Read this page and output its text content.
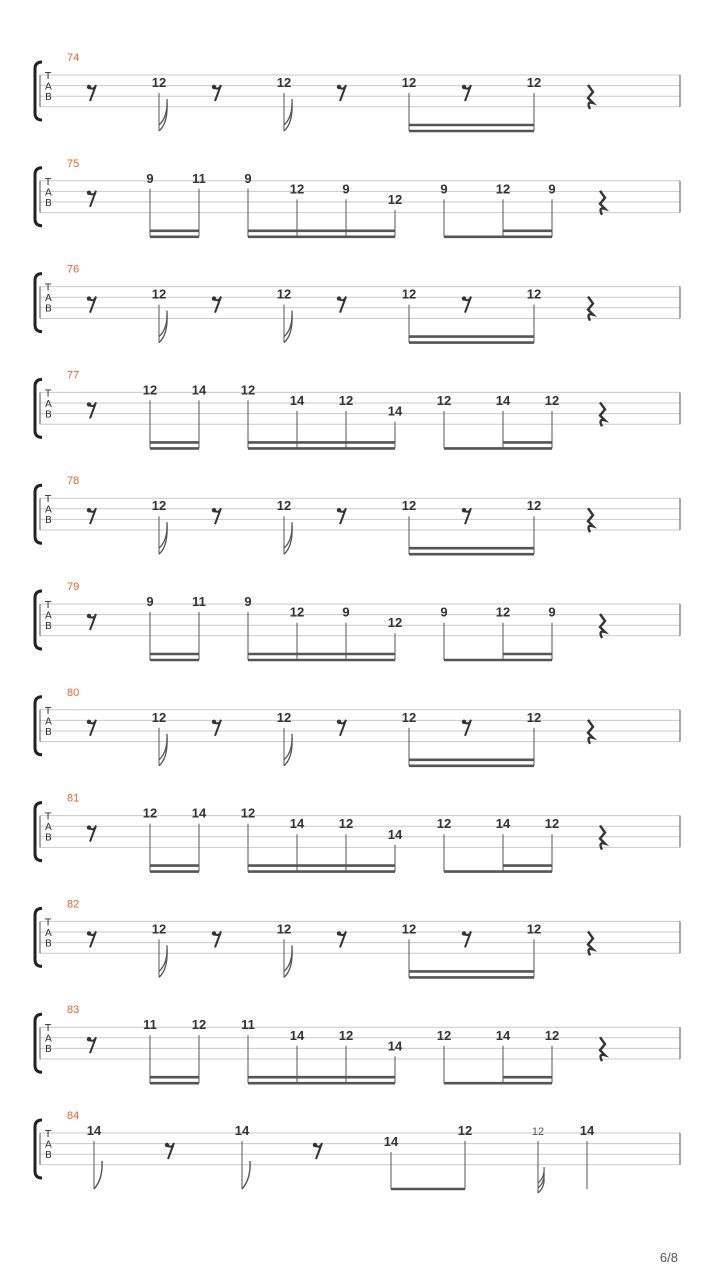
74
T
A
B
12	12	12	12
75
T
A
B
9	11	9
12	9
12
9	12	9
76
T
A
B
12	12	12	12
77
T
A
B
12	14	12
14	12
14
12	14	12
78
T
A
B
12	12	12	12
79
T
A
B
9	11	9
12	9
12
9	12	9
80
T
A
B
12	12	12	12
81
T
A
B
12	14	12
14	12
14
12	14	12
82
T
A
B
12	12	12	12
83
T
A
B
11	12	11
14	12
14
12	14	12
84
T
A
B
14	14
14
12	12	14
6/8
